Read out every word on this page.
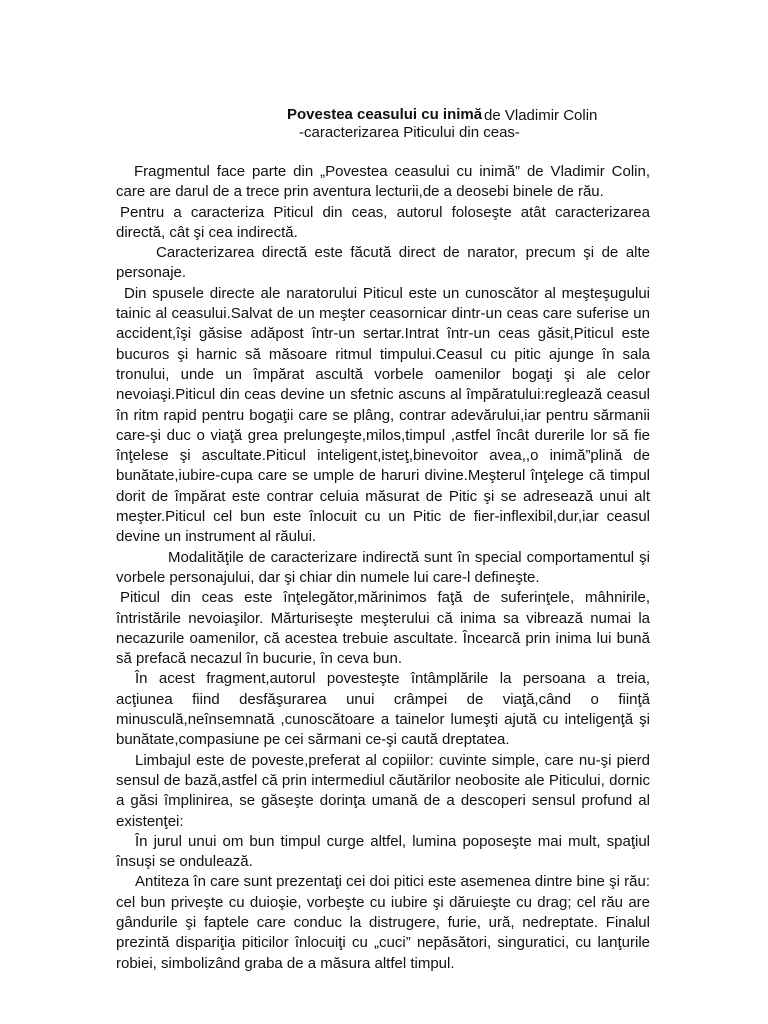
Povestea ceasului cu inimă de Vladimir Colin
-caracterizarea Piticului din ceas-

Fragmentul face parte din „Povestea ceasului cu inimă” de Vladimir Colin, care are darul de a trece prin aventura lecturii,de a deosebi binele de rău.

Pentru a caracteriza Piticul din ceas, autorul foloseşte atât caracterizarea directă, cât şi cea indirectă.

Caracterizarea directă este făcută direct de narator, precum şi de alte personaje.

Din spusele directe ale naratorului Piticul este un cunoscător al meşteşugului tainic al ceasului.Salvat de un meşter ceasornicar dintr-un ceas care suferise un accident,îşi găsise adăpost într-un sertar.Intrat într-un ceas găsit,Piticul este bucuros şi harnic să măsoare ritmul timpului.Ceasul cu pitic ajunge în sala tronului, unde un împărat ascultă vorbele oamenilor bogaţi şi ale celor nevoiaşi.Piticul din ceas devine un sfetnic ascuns al împăratului:reglează ceasul în ritm rapid pentru bogaţii care se plâng, contrar adevărului,iar pentru sărmanii care-şi duc o viaţă grea prelungeşte,milos,timpul ,astfel încât durerile lor să fie înţelese şi ascultate.Piticul inteligent,isteţ,binevoitor avea,,o inimă”plină de bunătate,iubire-cupa care se umple de haruri divine.Meşterul înţelege că timpul dorit de împărat este contrar celuia măsurat de Pitic şi se adresează unui alt meşter.Piticul cel bun este înlocuit cu un Pitic de fier-inflexibil,dur,iar ceasul devine un instrument al răului.

Modalităţile de caracterizare indirectă sunt în special comportamentul şi vorbele personajului, dar şi chiar din numele lui care-l defineşte.

Piticul din ceas este înţelegător,mărinimos faţă de suferinţele, mâhnirile, întristările nevoiaşilor. Mărturiseşte meşterului că inima sa vibrează numai la necazurile oamenilor, că acestea trebuie ascultate. Încearcă prin inima lui bună să prefacă necazul în bucurie, în ceva bun.

În acest fragment,autorul povesteşte întâmplările la persoana a treia, acţiunea fiind desfăşurarea unui crâmpei de viaţă,când o fiinţă minusculă,neînsemnată ,cunoscătoare a tainelor lumeşti ajută cu inteligenţă şi bunătate,compasiune pe cei sărmani ce-şi caută dreptatea.

Limbajul este de poveste,preferat al copiilor: cuvinte simple, care nu-şi pierd sensul de bază,astfel că prin intermediul căutărilor neobosite ale Piticului, dornic a găsi împlinirea, se găseşte dorinţa umană de a descoperi sensul profund al existenţei:

În jurul unui om bun timpul curge altfel, lumina poposeşte mai mult, spaţiul însuşi se ondulează.

Antiteza în care sunt prezentaţi cei doi pitici este asemenea dintre bine şi rău: cel bun priveşte cu duioşie, vorbeşte cu iubire şi dăruieşte cu drag; cel rău are gândurile şi faptele care conduc la distrugere, furie, ură, nedreptate. Finalul prezintă dispariţia piticilor înlocuiţi cu „cuci” nepăsători, singuratici, cu lanţurile robiei, simbolizând graba de a măsura altfel timpul.
